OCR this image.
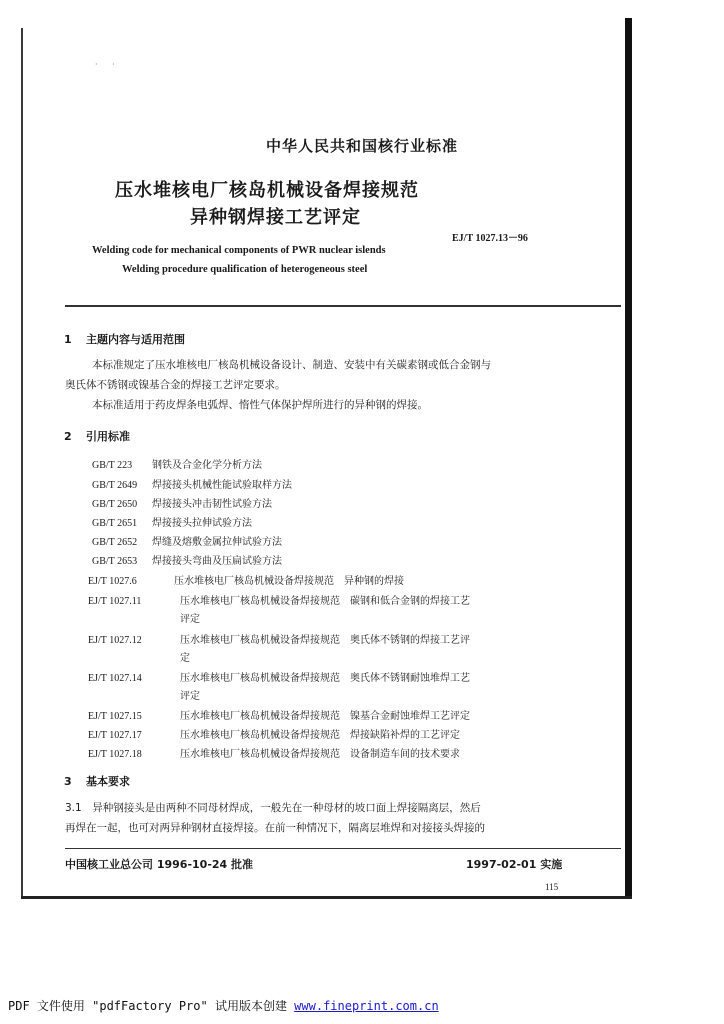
· ·
中华人民共和国核行业标准
压水堆核电厂核岛机械设备焊接规范
异种钢焊接工艺评定
EJ/T 1027.13－96
Welding code for mechanical components of PWR nuclear islends
Welding procedure qualification of heterogeneous steel
1 主题内容与适用范围
本标准规定了压水堆核电厂核岛机械设备设计、制造、安装中有关碳素钢或低合金钢与
奥氏体不锈钢或镍基合金的焊接工艺评定要求。
本标准适用于药皮焊条电弧焊、惰性气体保护焊所进行的异种钢的焊接。
2 引用标准
GB/T 223 钢铁及合金化学分析方法
GB/T 2649 焊接接头机械性能试验取样方法
GB/T 2650 焊接接头冲击韧性试验方法
GB/T 2651 焊接接头拉伸试验方法
GB/T 2652 焊缝及熔敷金属拉伸试验方法
GB/T 2653 焊接接头弯曲及压扁试验方法
EJ/T 1027.6	压水堆核电厂核岛机械设备焊接规范　异种钢的焊接
EJ/T 1027.11	压水堆核电厂核岛机械设备焊接规范　碳钢和低合金钢的焊接工艺
评定
EJ/T 1027.12	压水堆核电厂核岛机械设备焊接规范　奥氏体不锈钢的焊接工艺评
定
EJ/T 1027.14	压水堆核电厂核岛机械设备焊接规范　奥氏体不锈钢耐蚀堆焊工艺
评定
EJ/T 1027.15	压水堆核电厂核岛机械设备焊接规范　镍基合金耐蚀堆焊工艺评定
EJ/T 1027.17	压水堆核电厂核岛机械设备焊接规范　焊接缺陷补焊的工艺评定
EJ/T 1027.18	压水堆核电厂核岛机械设备焊接规范　设备制造车间的技术要求
3 基本要求
3.1　异种钢接头是由两种不同母材焊成，一般先在一种母材的坡口面上焊接隔离层，然后
再焊在一起，也可对两异种钢材直接焊接。在前一种情况下，隔离层堆焊和对接接头焊接的
中国核工业总公司 1996-10-24 批准	1997-02-01 实施
115
PDF 文件使用 "pdfFactory Pro" 试用版本创建 www.fineprint.com.cn
